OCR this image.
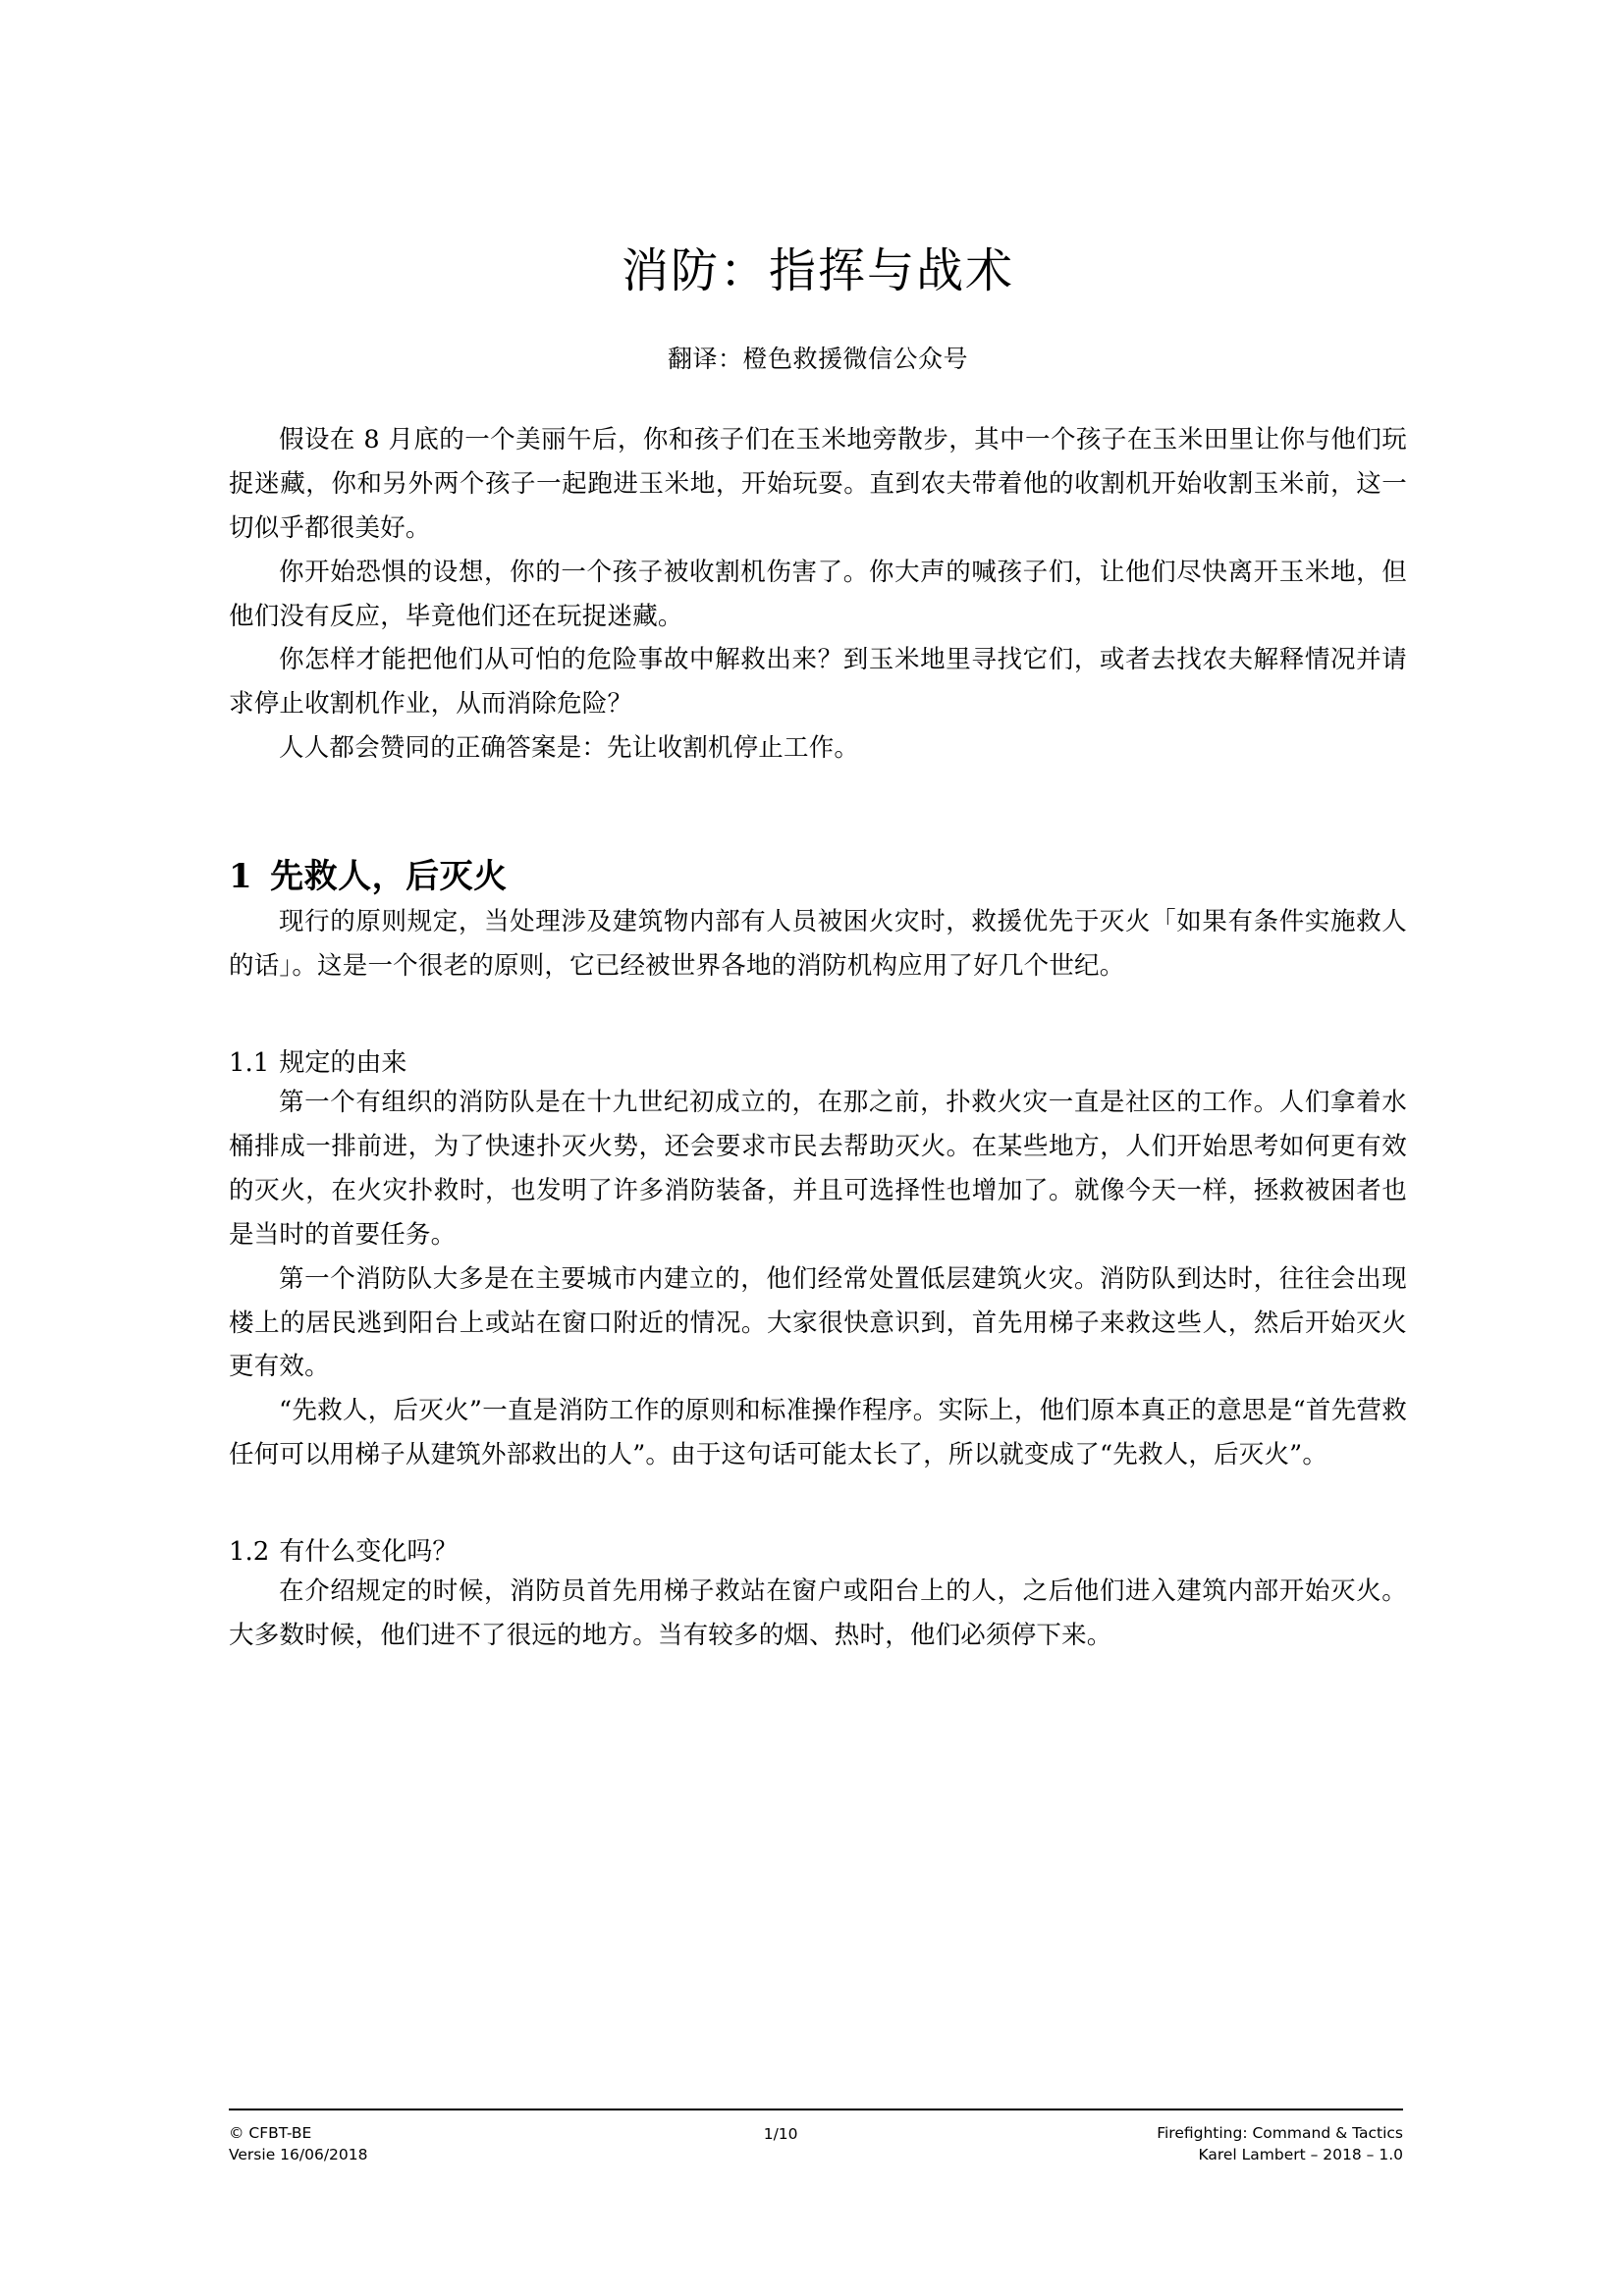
消防：指挥与战术
翻译：橙色救援微信公众号

假设在 8 月底的一个美丽午后，你和孩子们在玉米地旁散步，其中一个孩子在玉米田里让你与他们玩捉迷藏，你和另外两个孩子一起跑进玉米地，开始玩耍。直到农夫带着他的收割机开始收割玉米前，这一切似乎都很美好。

你开始恐惧的设想，你的一个孩子被收割机伤害了。你大声的喊孩子们，让他们尽快离开玉米地，但他们没有反应，毕竟他们还在玩捉迷藏。

你怎样才能把他们从可怕的危险事故中解救出来？到玉米地里寻找它们，或者去找农夫解释情况并请求停止收割机作业，从而消除危险？

人人都会赞同的正确答案是：先让收割机停止工作。

1 先救人，后灭火

现行的原则规定，当处理涉及建筑物内部有人员被困火灾时，救援优先于灭火「如果有条件实施救人的话」。这是一个很老的原则，它已经被世界各地的消防机构应用了好几个世纪。

1.1 规定的由来

第一个有组织的消防队是在十九世纪初成立的，在那之前，扑救火灾一直是社区的工作。人们拿着水桶排成一排前进，为了快速扑灭火势，还会要求市民去帮助灭火。在某些地方，人们开始思考如何更有效的灭火，在火灾扑救时，也发明了许多消防装备，并且可选择性也增加了。就像今天一样，拯救被困者也是当时的首要任务。

第一个消防队大多是在主要城市内建立的，他们经常处置低层建筑火灾。消防队到达时，往往会出现楼上的居民逃到阳台上或站在窗口附近的情况。大家很快意识到，首先用梯子来救这些人，然后开始灭火更有效。

“先救人，后灭火”一直是消防工作的原则和标准操作程序。实际上，他们原本真正的意思是“首先营救任何可以用梯子从建筑外部救出的人”。由于这句话可能太长了，所以就变成了“先救人，后灭火”。

1.2 有什么变化吗？

在介绍规定的时候，消防员首先用梯子救站在窗户或阳台上的人，之后他们进入建筑内部开始灭火。大多数时候，他们进不了很远的地方。当有较多的烟、热时，他们必须停下来。

© CFBT-BE
Versie 16/06/2018
1/10	Firefighting: Command & Tactics
Karel Lambert – 2018 – 1.0
